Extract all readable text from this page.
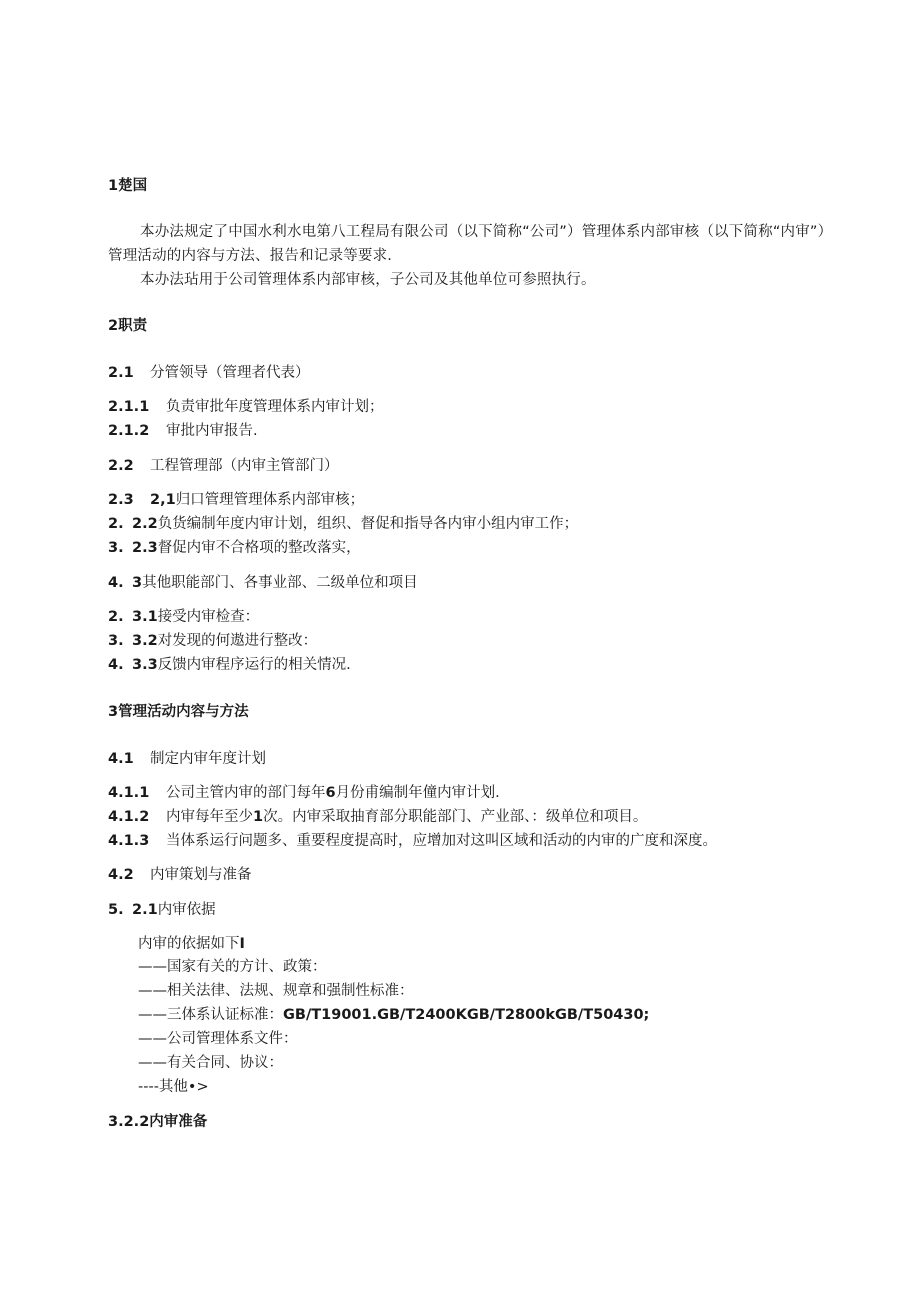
1楚国
本办法规定了中国水利水电第八工程局有限公司（以下简称“公司”）管理体系内部审核（以下简称“内审”）管理活动的内容与方法、报告和记录等要求.
本办法玷用于公司管理体系内部审核，子公司及其他单位可参照执行。
2职责
2.1 分管领导（管理者代表）
2.1.1 负责审批年度管理体系内审计划；
2.1.2 审批内审报告.
2.2 工程管理部（内审主管部门）
2.3 2,1归口管理管理体系内部审核；
2. 2.2负货编制年度内审计划，组织、督促和指导各内审小组内审工作；
3. 2.3督促内审不合格项的整改落实，
4. 3其他职能部门、各事业部、二级单位和项目
2. 3.1接受内审检查：
3. 3.2对发现的何遨进行整改：
4. 3.3反馈内审程序运行的相关情况.
3管理活动内容与方法
4.1 制定内审年度计划
4.1.1 公司主管内审的部门每年6月份甫编制年僮内审计划.
4.1.2 内审每年至少1次。内审采取抽育部分职能部门、产业部、：级单位和项目。
4.1.3 当体系运行问题多、重要程度提高时，应增加对这叫区域和活动的内审的广度和深度。
4.2 内审策划与准备
5. 2.1内审依据
内审的依据如下I
——国家有关的方计、政策：
——相关法律、法规、规章和强制性标准：
——三体系认证标准：GB/T19001.GB/T2400KGB/T2800kGB/T50430;
——公司管理体系文件：
——有关合同、协议：
----其他•>
3.2.2内审准备
